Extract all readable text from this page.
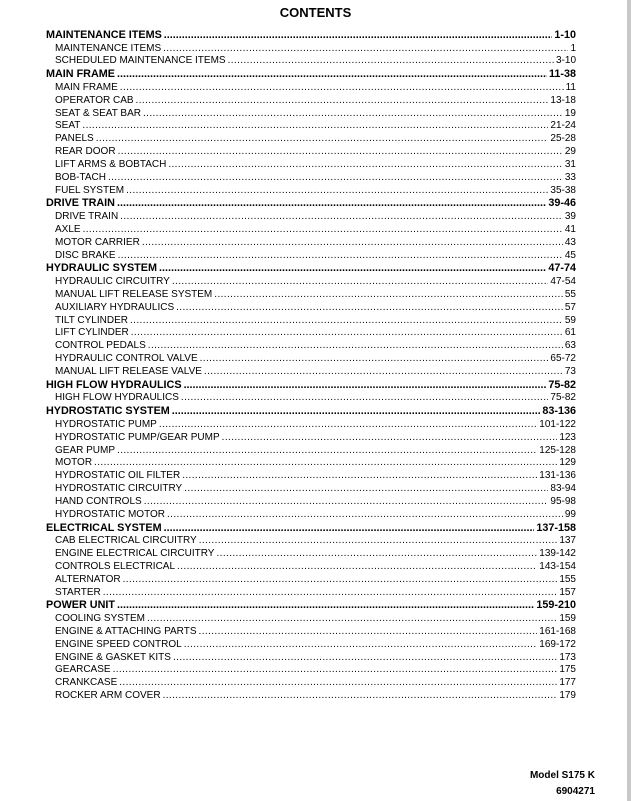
CONTENTS
MAINTENANCE ITEMS .....	1-10
MAINTENANCE ITEMS .....	1
SCHEDULED MAINTENANCE ITEMS .....	3-10
MAIN FRAME .....	11-38
MAIN FRAME .....	11
OPERATOR CAB .....	13-18
SEAT & SEAT BAR .....	19
SEAT .....	21-24
PANELS .....	25-28
REAR DOOR .....	29
LIFT ARMS & BOBTACH .....	31
BOB-TACH .....	33
FUEL SYSTEM .....	35-38
DRIVE TRAIN .....	39-46
DRIVE TRAIN .....	39
AXLE .....	41
MOTOR CARRIER .....	43
DISC BRAKE .....	45
HYDRAULIC SYSTEM .....	47-74
HYDRAULIC CIRCUITRY .....	47-54
MANUAL LIFT RELEASE SYSTEM .....	55
AUXILIARY HYDRAULICS .....	57
TILT CYLINDER .....	59
LIFT CYLINDER .....	61
CONTROL PEDALS .....	63
HYDRAULIC CONTROL VALVE .....	65-72
MANUAL LIFT RELEASE VALVE .....	73
HIGH FLOW HYDRAULICS .....	75-82
HIGH FLOW HYDRAULICS .....	75-82
HYDROSTATIC SYSTEM .....	83-136
HYDROSTATIC PUMP .....	101-122
HYDROSTATIC PUMP/GEAR PUMP .....	123
GEAR PUMP .....	125-128
MOTOR .....	129
HYDROSTATIC OIL FILTER .....	131-136
HYDROSTATIC CIRCUITRY .....	83-94
HAND CONTROLS .....	95-98
HYDROSTATIC MOTOR .....	99
ELECTRICAL SYSTEM .....	137-158
CAB ELECTRICAL CIRCUITRY .....	137
ENGINE ELECTRICAL CIRCUITRY .....	139-142
CONTROLS ELECTRICAL .....	143-154
ALTERNATOR .....	155
STARTER .....	157
POWER UNIT .....	159-210
COOLING SYSTEM .....	159
ENGINE & ATTACHING PARTS .....	161-168
ENGINE SPEED CONTROL .....	169-172
ENGINE & GASKET KITS .....	173
GEARCASE .....	175
CRANKCASE .....	177
ROCKER ARM COVER .....	179
Model S175 K
6904271
